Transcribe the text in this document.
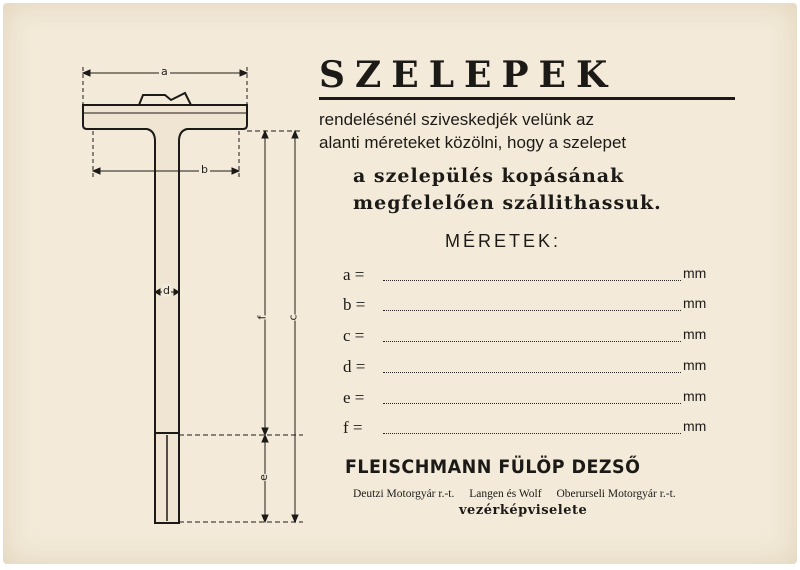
a
b
d
f
e
c
SZELEPEK
rendelésénél sziveskedjék velünk az
alanti méreteket közölni, hogy a szelepet
a szelepülés kopásának
megfelelően szállithassuk.
MÉRETEK:
a =	mm
b =	mm
c =	mm
d =	mm
e =	mm
f =	mm
FLEISCHMANN FÜLÖP DEZSŐ
Deutzi Motorgyár r.-t. Langen és Wolf Oberurseli Motorgyár r.-t.
vezérképviselete
